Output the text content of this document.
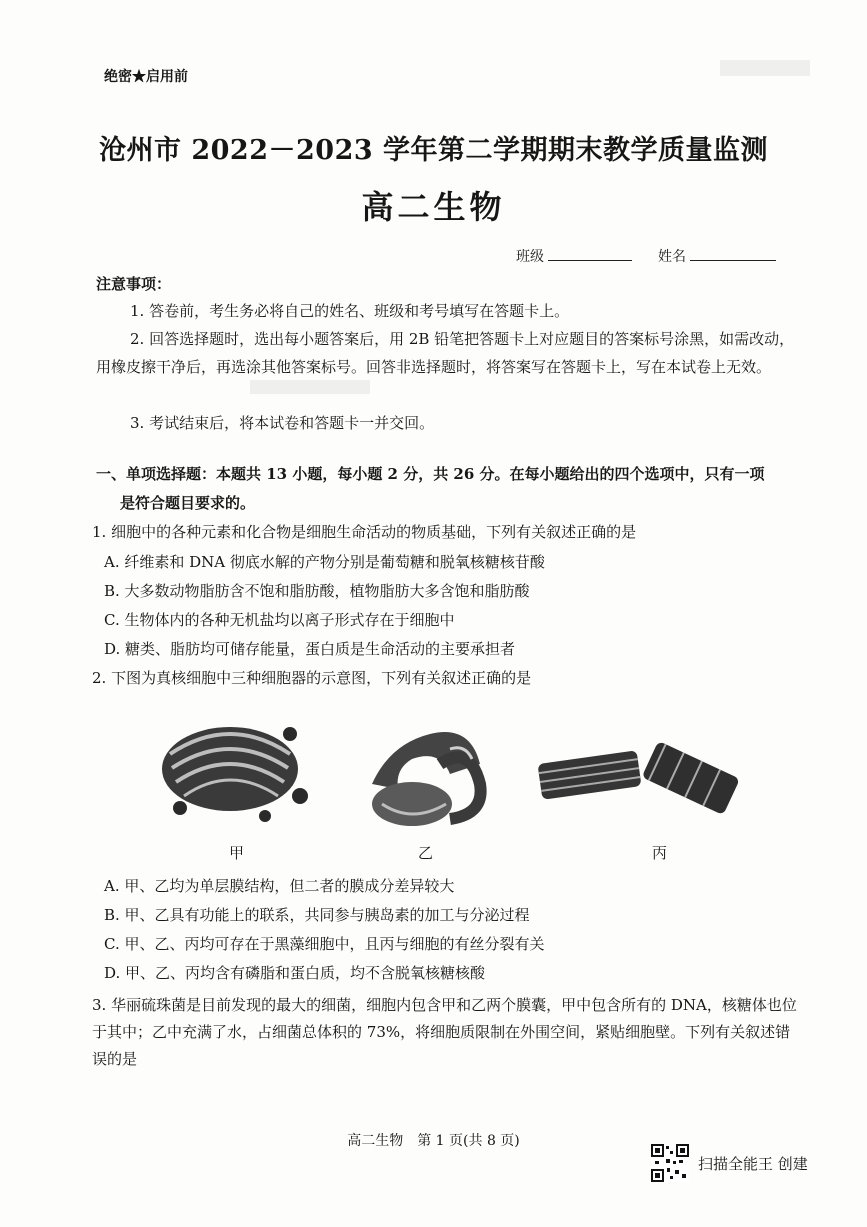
绝密★启用前
沧州市 2022－2023 学年第二学期期末教学质量监测
高二生物
班级	姓名
注意事项：
1. 答卷前，考生务必将自己的姓名、班级和考号填写在答题卡上。
2. 回答选择题时，选出每小题答案后，用 2B 铅笔把答题卡上对应题目的答案标号涂黑，如需改动，用橡皮擦干净后，再选涂其他答案标号。回答非选择题时，将答案写在答题卡上，写在本试卷上无效。
3. 考试结束后，将本试卷和答题卡一并交回。
一、单项选择题：本题共 13 小题，每小题 2 分，共 26 分。在每小题给出的四个选项中，只有一项
是符合题目要求的。
1. 细胞中的各种元素和化合物是细胞生命活动的物质基础，下列有关叙述正确的是
A. 纤维素和 DNA 彻底水解的产物分别是葡萄糖和脱氧核糖核苷酸
B. 大多数动物脂肪含不饱和脂肪酸，植物脂肪大多含饱和脂肪酸
C. 生物体内的各种无机盐均以离子形式存在于细胞中
D. 糖类、脂肪均可储存能量，蛋白质是生命活动的主要承担者
2. 下图为真核细胞中三种细胞器的示意图，下列有关叙述正确的是
甲	乙	丙
A. 甲、乙均为单层膜结构，但二者的膜成分差异较大
B. 甲、乙具有功能上的联系，共同参与胰岛素的加工与分泌过程
C. 甲、乙、丙均可存在于黑藻细胞中，且丙与细胞的有丝分裂有关
D. 甲、乙、丙均含有磷脂和蛋白质，均不含脱氧核糖核酸
3. 华丽硫珠菌是目前发现的最大的细菌，细胞内包含甲和乙两个膜囊，甲中包含所有的 DNA，核糖体也位于其中；乙中充满了水，占细菌总体积的 73%，将细胞质限制在外围空间，紧贴细胞壁。下列有关叙述错误的是
高二生物　第 1 页(共 8 页)
扫描全能王 创建
